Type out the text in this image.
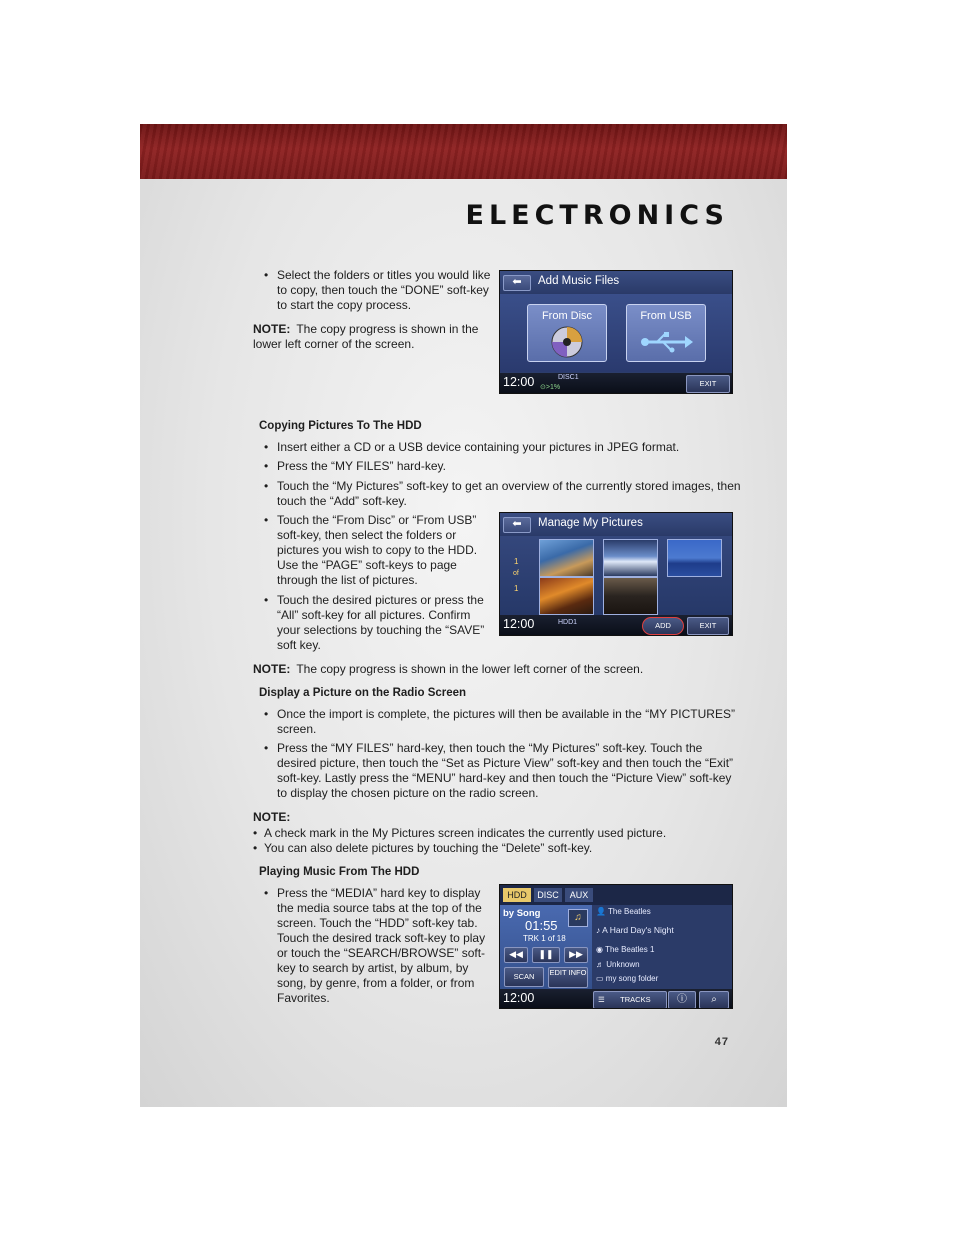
ELECTRONICS
• Select the folders or titles you would like to copy, then touch the “DONE” soft-key to start the copy process.
NOTE: The copy progress is shown in the lower left corner of the screen.
⬅	Add Music Files
From Disc	From USB
12:00	DISC1
⊙>1%	EXIT
Copying Pictures To The HDD
• Insert either a CD or a USB device containing your pictures in JPEG format.
• Press the “MY FILES” hard-key.
• Touch the “My Pictures” soft-key to get an overview of the currently stored images, then touch the “Add” soft-key.
• Touch the “From Disc” or “From USB” soft-key, then select the folders or pictures you wish to copy to the HDD. Use the “PAGE” soft-keys to page through the list of pictures.
• Touch the desired pictures or press the “All” soft-key for all pictures. Confirm your selections by touching the “SAVE” soft key.
NOTE: The copy progress is shown in the lower left corner of the screen.
⬅	Manage My Pictures
1
of
1
12:00	HDD1	ADD	EXIT
Display a Picture on the Radio Screen
• Once the import is complete, the pictures will then be available in the “MY PICTURES” screen.
• Press the “MY FILES” hard-key, then touch the “My Pictures” soft-key. Touch the desired picture, then touch the “Set as Picture View” soft-key and then touch the “Exit” soft-key. Lastly press the “MENU” hard-key and then touch the “Picture View” soft-key to display the chosen picture on the radio screen.
NOTE:
• A check mark in the My Pictures screen indicates the currently used picture.
• You can also delete pictures by touching the “Delete” soft-key.
Playing Music From The HDD
• Press the “MEDIA” hard key to display the media source tabs at the top of the screen. Touch the “HDD” soft-key tab. Touch the desired track soft-key to play or touch the “SEARCH/BROWSE” soft-key to search by artist, by album, by song, by genre, from a folder, or from Favorites.
HDD	DISC	AUX
by Song
01:55
TRK 1 of 18
♫
◀◀	❚❚	▶▶
SCAN	EDIT INFO
👤 The Beatles
♪ A Hard Day's Night
◉ The Beatles 1
♬ Unknown
▭ my song folder
12:00	☰ TRACKS	ⓘ	⌕
47
